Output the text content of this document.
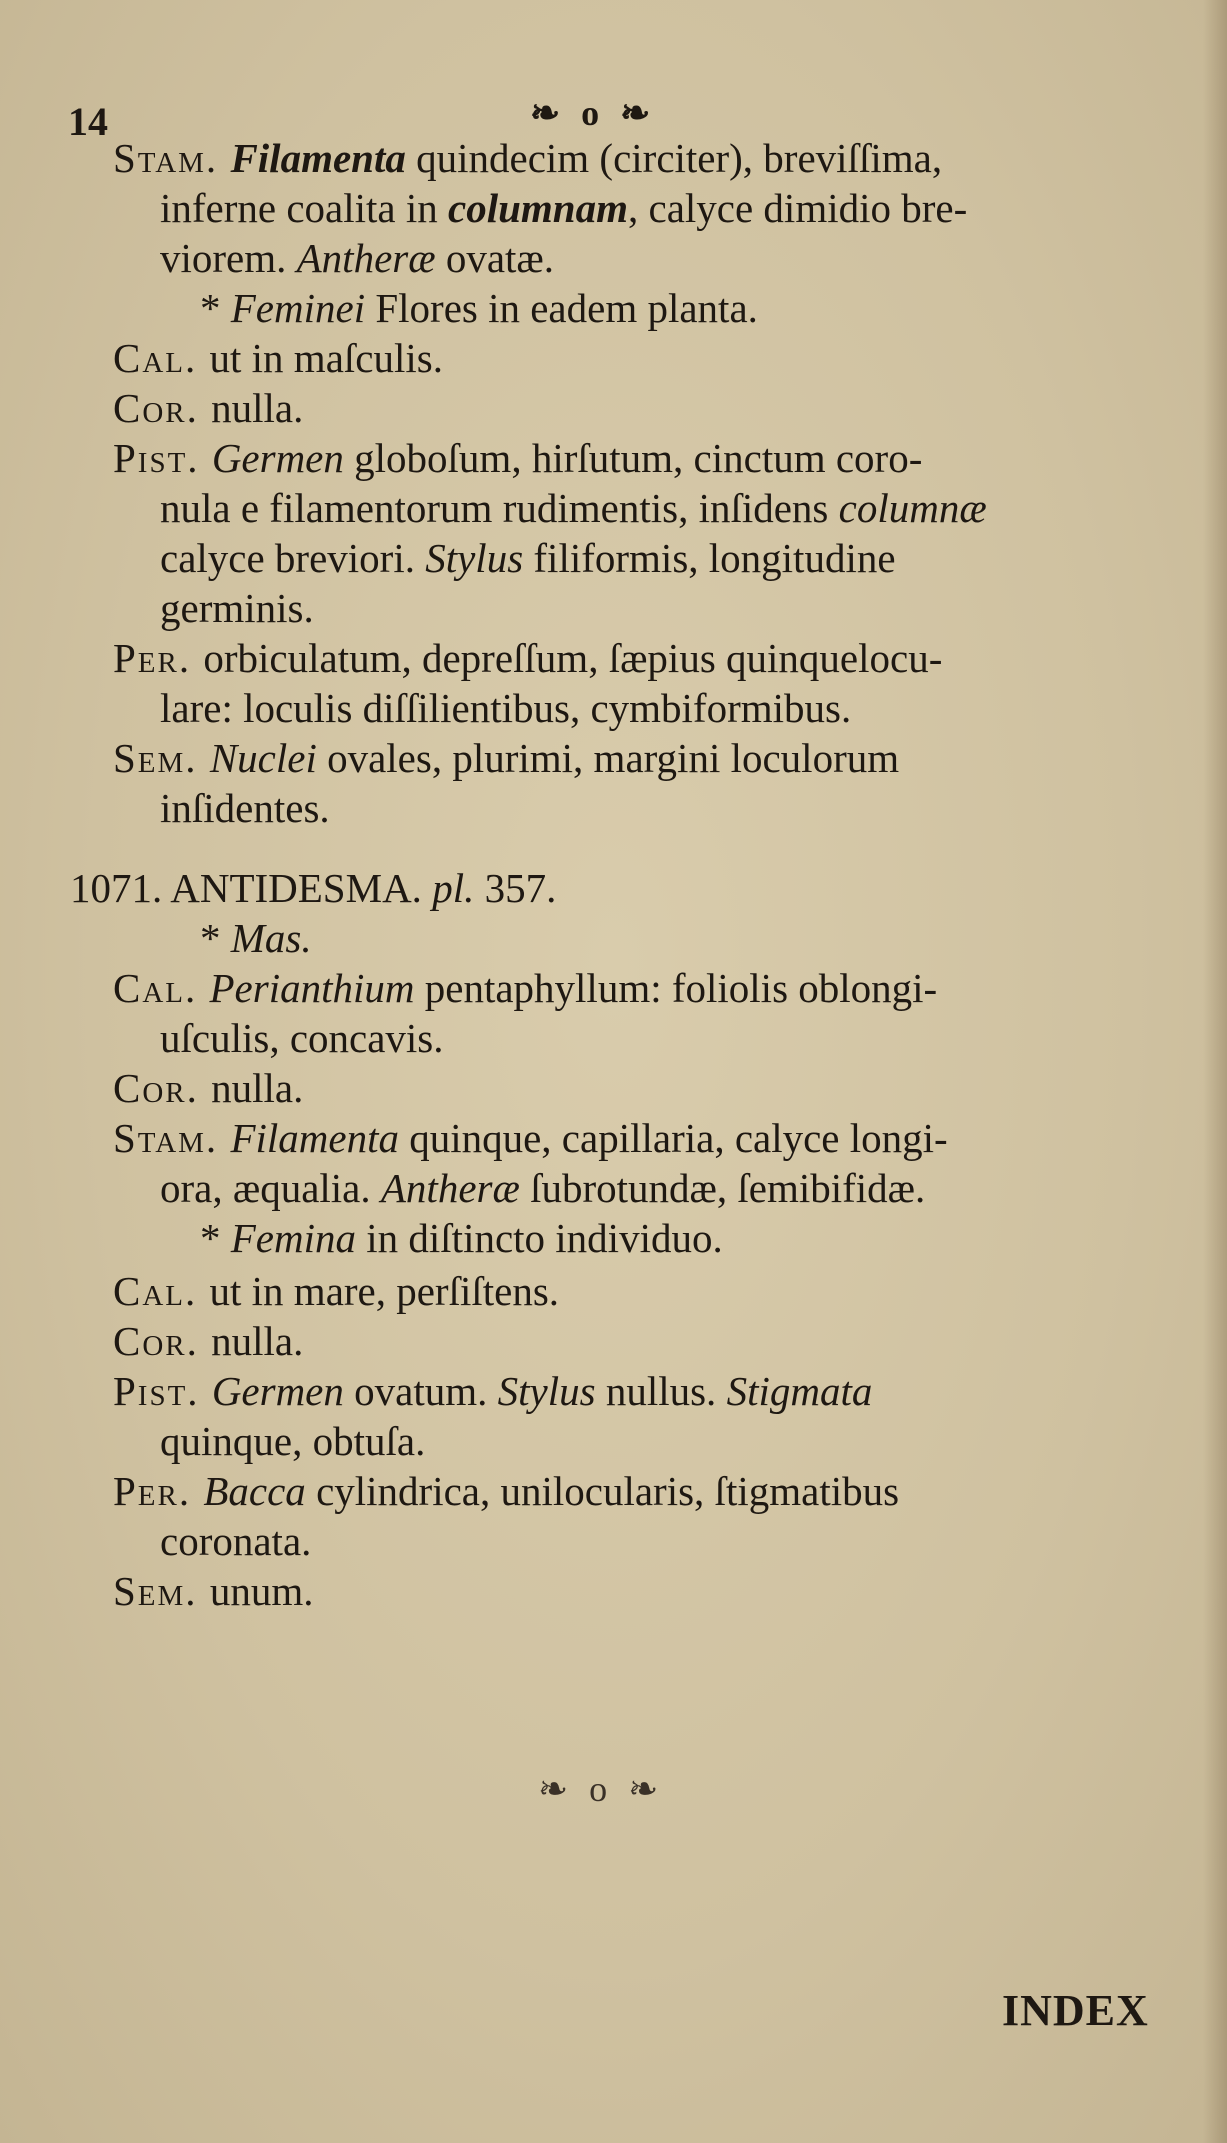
14	❧ o ❧
Stam. Filamenta quindecim (circiter), breviſſima,
inferne coalita in columnam, calyce dimidio bre-
viorem. Antheræ ovatæ.
* Feminei Flores in eadem planta.
Cal. ut in maſculis.
Cor. nulla.
Pist. Germen globoſum, hirſutum, cinctum coro-
nula e filamentorum rudimentis, inſidens columnæ
calyce breviori. Stylus filiformis, longitudine
germinis.
Per. orbiculatum, depreſſum, ſæpius quinquelocu-
lare: loculis diſſilientibus, cymbiformibus.
Sem. Nuclei ovales, plurimi, margini loculorum
inſidentes.
1071. ANTIDESMA. pl. 357.
* Mas.
Cal. Perianthium pentaphyllum: foliolis oblongi-
uſculis, concavis.
Cor. nulla.
Stam. Filamenta quinque, capillaria, calyce longi-
ora, æqualia. Antheræ ſubrotundæ, ſemibifidæ.
* Femina in diſtincto individuo.
Cal. ut in mare, perſiſtens.
Cor. nulla.
Pist. Germen ovatum. Stylus nullus. Stigmata
quinque, obtuſa.
Per. Bacca cylindrica, unilocularis, ſtigmatibus
coronata.
Sem. unum.
❧ o ❧
INDEX
